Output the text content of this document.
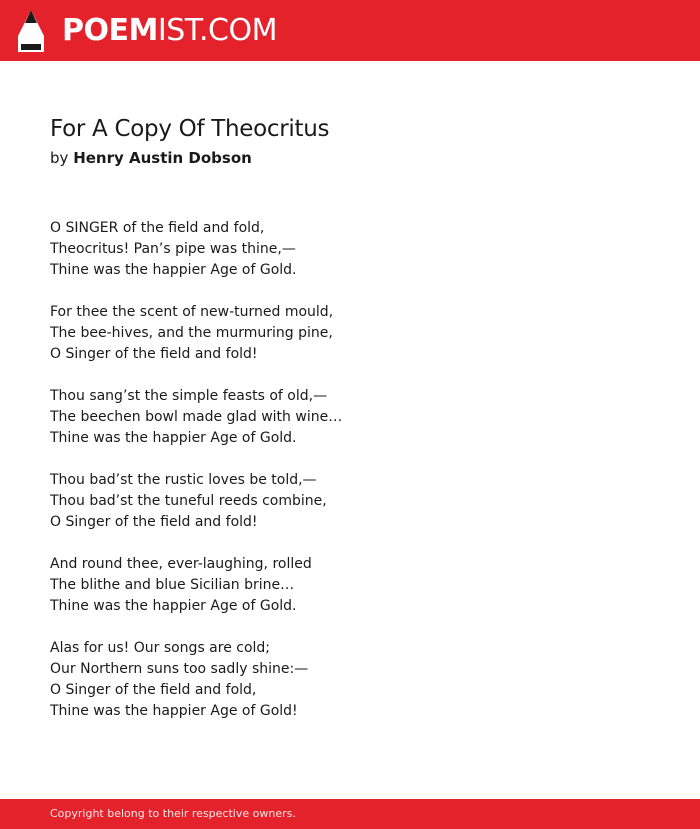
POEMIST.COM
For A Copy Of Theocritus
by Henry Austin Dobson
O SINGER of the field and fold,
Theocritus! Pan’s pipe was thine,—
Thine was the happier Age of Gold.
For thee the scent of new-turned mould,
The bee-hives, and the murmuring pine,
O Singer of the field and fold!
Thou sang’st the simple feasts of old,—
The beechen bowl made glad with wine…
Thine was the happier Age of Gold.
Thou bad’st the rustic loves be told,—
Thou bad’st the tuneful reeds combine,
O Singer of the field and fold!
And round thee, ever-laughing, rolled
The blithe and blue Sicilian brine…
Thine was the happier Age of Gold.
Alas for us! Our songs are cold;
Our Northern suns too sadly shine:—
O Singer of the field and fold,
Thine was the happier Age of Gold!
Copyright belong to their respective owners.
